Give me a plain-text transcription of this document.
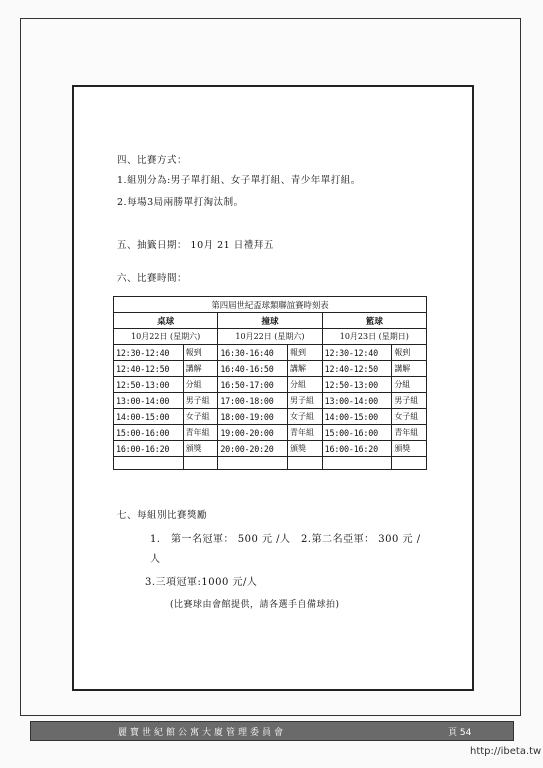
四、比賽方式：
1.組別分為:男子單打組、女子單打組、青少年單打組。
2.每場3局兩勝單打淘汰制。
五、抽籤日期： 10月 21 日禮拜五
六、比賽時間：
第四屆世紀盃球類聯誼賽時刻表					
桌球		撞球		籃球	
10月22日 (星期六)		10月22日 (星期六)		10月23日 (星期日)	
12:30-12:40	報到	16:30-16:40	報到	12:30-12:40	報到
12:40-12:50	講解	16:40-16:50	講解	12:40-12:50	講解
12:50-13:00	分組	16:50-17:00	分組	12:50-13:00	分組
13:00-14:00	男子組	17:00-18:00	男子組	13:00-14:00	男子組
14:00-15:00	女子組	18:00-19:00	女子組	14:00-15:00	女子組
15:00-16:00	青年組	19:00-20:00	青年組	15:00-16:00	青年組
16:00-16:20	頒獎	20:00-20:20	頒獎	16:00-16:20	頒獎

七、每組別比賽獎勵
1.　第一名冠軍： 500 元 /人　2.第二名亞軍： 300 元 /
人
3.三項冠軍:1000 元/人
(比賽球由會館提供，請各選手自備球拍)
麗寶世紀館公寓大廈管理委員會	頁 54
http://ibeta.tw
